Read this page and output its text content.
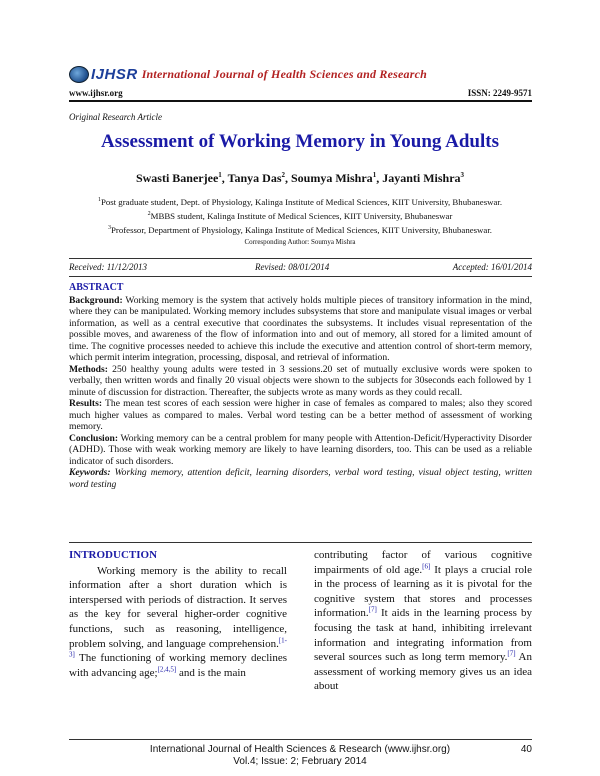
IJHSR International Journal of Health Sciences and Research
www.ijhsr.org	ISSN: 2249-9571
Original Research Article
Assessment of Working Memory in Young Adults
Swasti Banerjee$^1$, Tanya Das$^2$, Soumya Mishra$^1$, Jayanti Mishra$^3$
$^1$Post graduate student, Dept. of Physiology, Kalinga Institute of Medical Sciences, KIIT University, Bhubaneswar.
$^2$MBBS student, Kalinga Institute of Medical Sciences, KIIT University, Bhubaneswar
$^3$Professor, Department of Physiology, Kalinga Institute of Medical Sciences, KIIT University, Bhubaneswar.
Corresponding Author: Soumya Mishra
Received: 11/12/2013	Revised: 08/01/2014	Accepted: 16/01/2014
ABSTRACT

Background: Working memory is the system that actively holds multiple pieces of transitory information in the mind, where they can be manipulated. Working memory includes subsystems that store and manipulate visual images or verbal information, as well as a central executive that coordinates the subsystems. It includes visual representation of the possible moves, and awareness of the flow of information into and out of memory, all stored for a limited amount of time. The cognitive processes needed to achieve this include the executive and attention control of short-term memory, which permit interim integration, processing, disposal, and retrieval of information.

Methods: 250 healthy young adults were tested in 3 sessions.20 set of mutually exclusive words were spoken to verbally, then written words and finally 20 visual objects were shown to the subjects for 30seconds each followed by 1 minute of discussion for distraction. Thereafter, the subjects wrote as many words as they could recall.

Results: The mean test scores of each session were higher in case of females as compared to males; also they scored much higher values as compared to males. Verbal word testing can be a better method of assessment of working memory.

Conclusion: Working memory can be a central problem for many people with Attention-Deficit/Hyperactivity Disorder (ADHD). Those with weak working memory are likely to have learning disorders, too. This can be used as a reliable indicator of such disorders.

Keywords: Working memory, attention deficit, learning disorders, verbal word testing, visual object testing, written word testing

INTRODUCTION

Working memory is the ability to recall information after a short duration which is interspersed with periods of distraction. It serves as the key for several higher-order cognitive functions, such as reasoning, intelligence, problem solving, and language comprehension.[1-3] The functioning of working memory declines with advancing age;[2,4,5] and is the main

contributing factor of various cognitive impairments of old age.[6] It plays a crucial role in the process of learning as it is pivotal for the cognitive system that stores and processes information.[7] It aids in the learning process by focusing the task at hand, inhibiting irrelevant information and integrating information from several sources such as long term memory.[7] An assessment of working memory gives us an idea about

International Journal of Health Sciences & Research (www.ijhsr.org)
Vol.4; Issue: 2; February 2014
40
